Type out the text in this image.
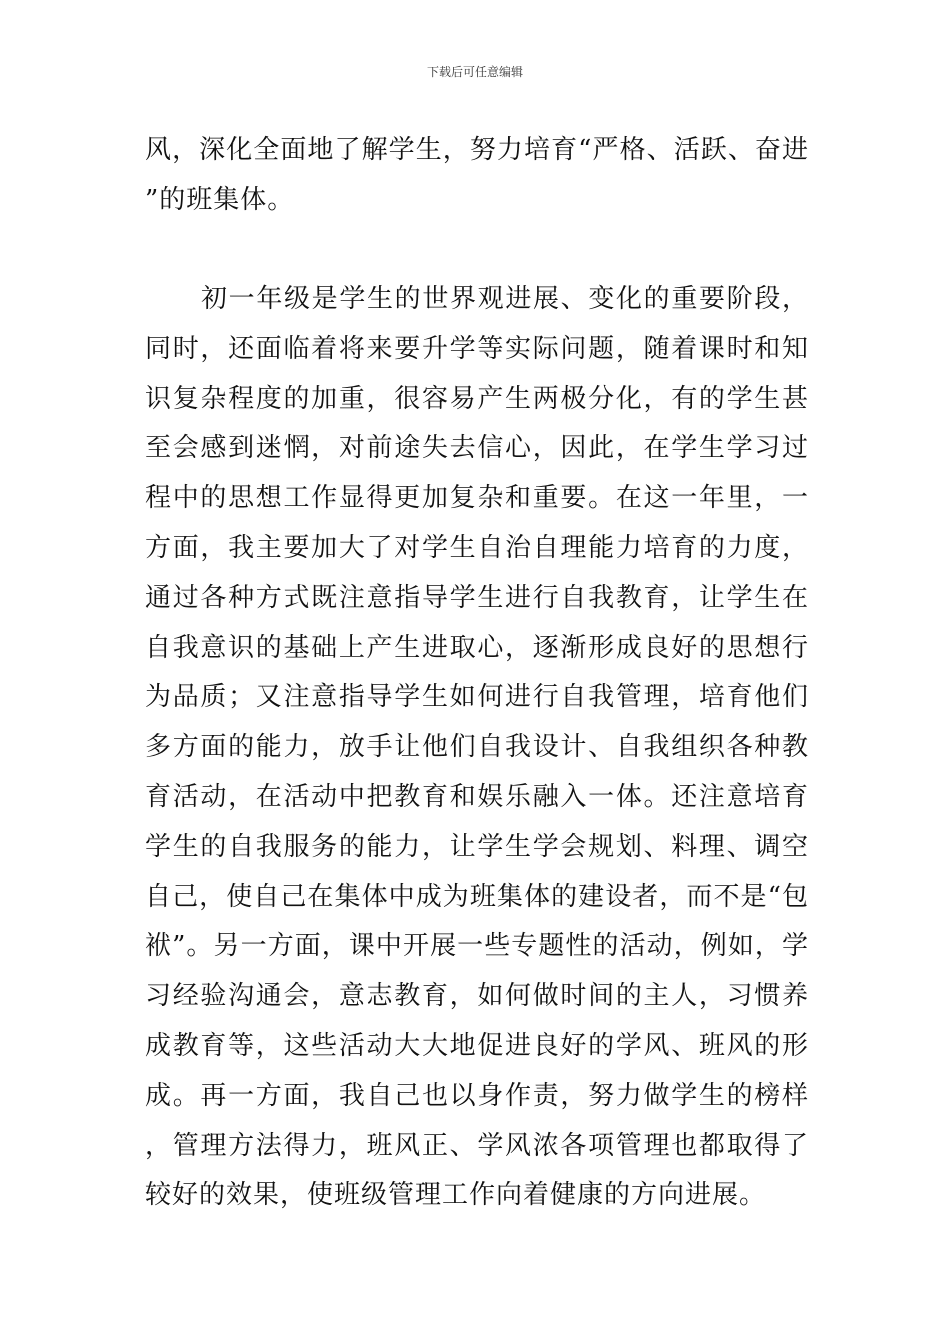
下载后可任意编辑

风，深化全面地了解学生，努力培育“严格、活跃、奋进”的班集体。

初一年级是学生的世界观进展、变化的重要阶段，同时，还面临着将来要升学等实际问题，随着课时和知识复杂程度的加重，很容易产生两极分化，有的学生甚至会感到迷惘，对前途失去信心，因此，在学生学习过程中的思想工作显得更加复杂和重要。在这一年里，一方面，我主要加大了对学生自治自理能力培育的力度，通过各种方式既注意指导学生进行自我教育，让学生在自我意识的基础上产生进取心，逐渐形成良好的思想行为品质；又注意指导学生如何进行自我管理，培育他们多方面的能力，放手让他们自我设计、自我组织各种教育活动，在活动中把教育和娱乐融入一体。还注意培育学生的自我服务的能力，让学生学会规划、料理、调空自己，使自己在集体中成为班集体的建设者，而不是“包袱”。另一方面，课中开展一些专题性的活动，例如，学习经验沟通会，意志教育，如何做时间的主人，习惯养成教育等，这些活动大大地促进良好的学风、班风的形成。再一方面，我自己也以身作责，努力做学生的榜样，管理方法得力，班风正、学风浓各项管理也都取得了较好的效果，使班级管理工作向着健康的方向进展。
